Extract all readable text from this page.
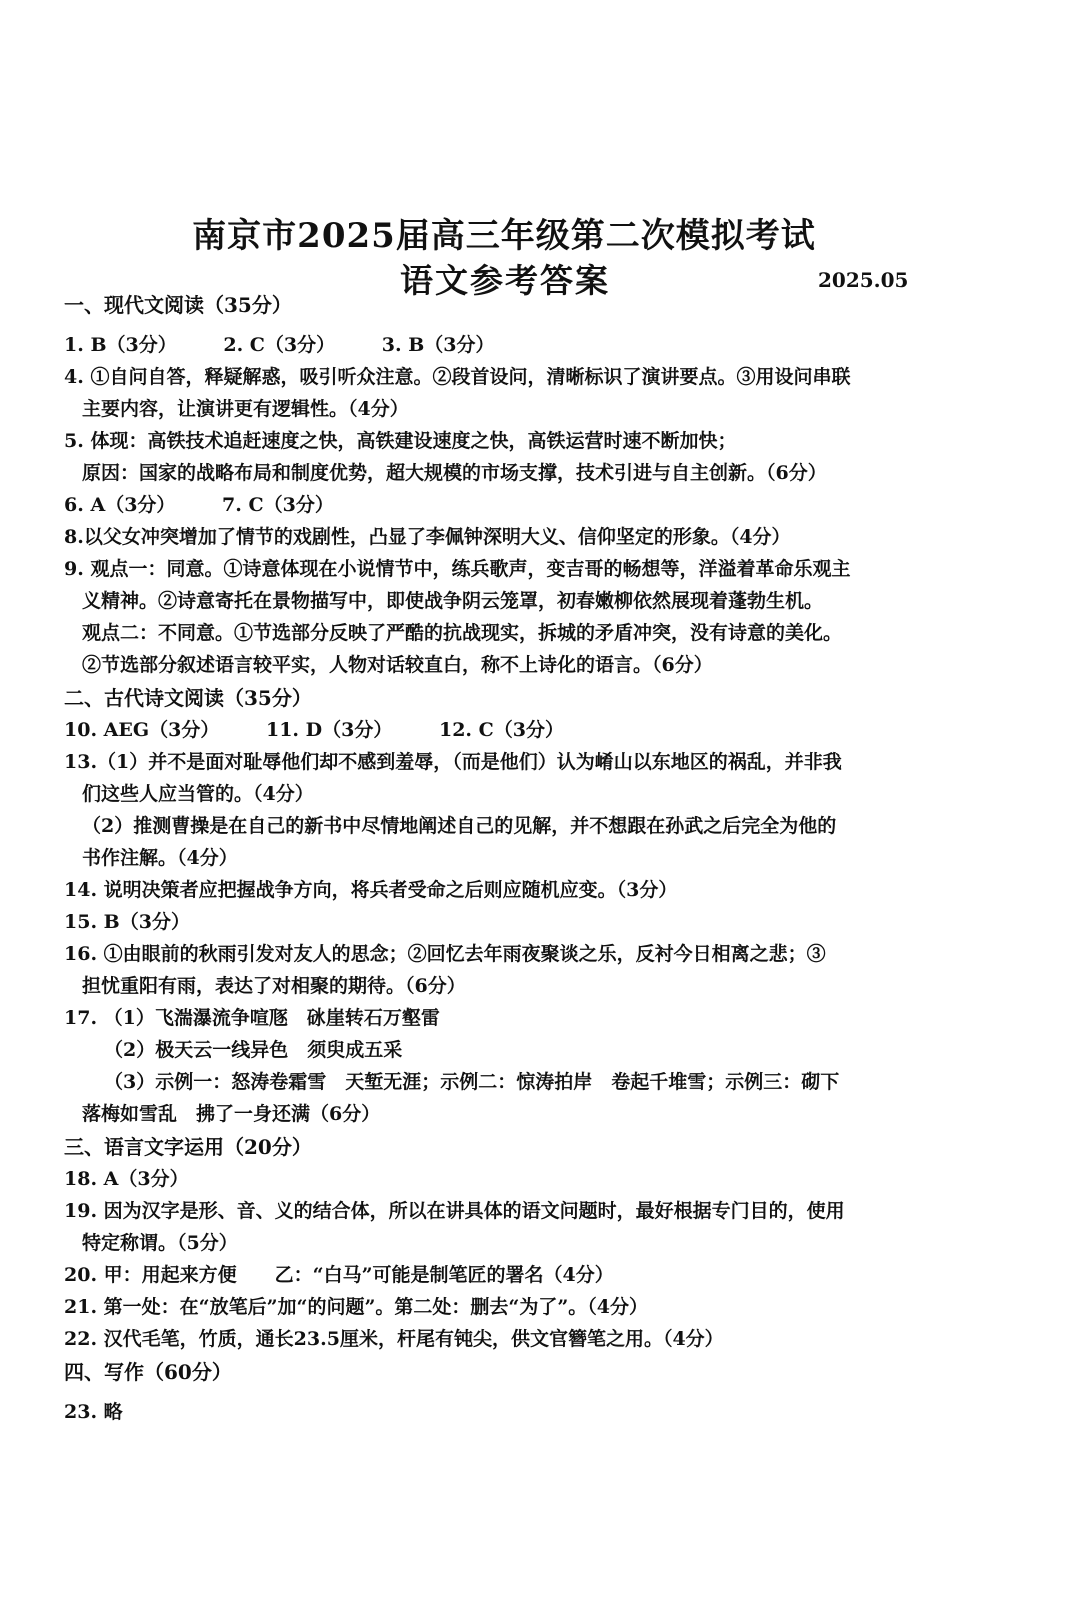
南京市2025届高三年级第二次模拟考试
语文参考答案	2025.05
一、现代文阅读（35分）
1. B（3分） 2. C（3分） 3. B（3分）
4. ①自问自答，释疑解惑，吸引听众注意。②段首设问，清晰标识了演讲要点。③用设问串联
主要内容，让演讲更有逻辑性。（4分）
5. 体现：高铁技术追赶速度之快，高铁建设速度之快，高铁运营时速不断加快；
原因：国家的战略布局和制度优势，超大规模的市场支撑，技术引进与自主创新。（6分）
6. A（3分） 7. C（3分）
8.以父女冲突增加了情节的戏剧性，凸显了李佩钟深明大义、信仰坚定的形象。（4分）
9. 观点一：同意。①诗意体现在小说情节中，练兵歌声，变吉哥的畅想等，洋溢着革命乐观主
义精神。②诗意寄托在景物描写中，即使战争阴云笼罩，初春嫩柳依然展现着蓬勃生机。
观点二：不同意。①节选部分反映了严酷的抗战现实，拆城的矛盾冲突，没有诗意的美化。
②节选部分叙述语言较平实，人物对话较直白，称不上诗化的语言。（6分）
二、古代诗文阅读（35分）
10. AEG（3分） 11. D（3分） 12. C（3分）
13.（1）并不是面对耻辱他们却不感到羞辱，（而是他们）认为崤山以东地区的祸乱，并非我
们这些人应当管的。（4分）
（2）推测曹操是在自己的新书中尽情地阐述自己的见解，并不想跟在孙武之后完全为他的
书作注解。（4分）
14. 说明决策者应把握战争方向，将兵者受命之后则应随机应变。（3分）
15. B（3分）
16. ①由眼前的秋雨引发对友人的思念；②回忆去年雨夜聚谈之乐，反衬今日相离之悲；③
担忧重阳有雨，表达了对相聚的期待。（6分）
17. （1）飞湍瀑流争喧豗　砯崖转石万壑雷
（2）极天云一线异色　须臾成五采
（3）示例一：怒涛卷霜雪　天堑无涯；示例二：惊涛拍岸　卷起千堆雪；示例三：砌下
落梅如雪乱　拂了一身还满（6分）
三、语言文字运用（20分）
18. A（3分）
19. 因为汉字是形、音、义的结合体，所以在讲具体的语文问题时，最好根据专门目的，使用
特定称谓。（5分）
20. 甲：用起来方便　　乙：“白马”可能是制笔匠的署名（4分）
21. 第一处：在“放笔后”加“的问题”。第二处：删去“为了”。（4分）
22. 汉代毛笔，竹质，通长23.5厘米，杆尾有钝尖，供文官簪笔之用。（4分）
四、写作（60分）
23. 略
